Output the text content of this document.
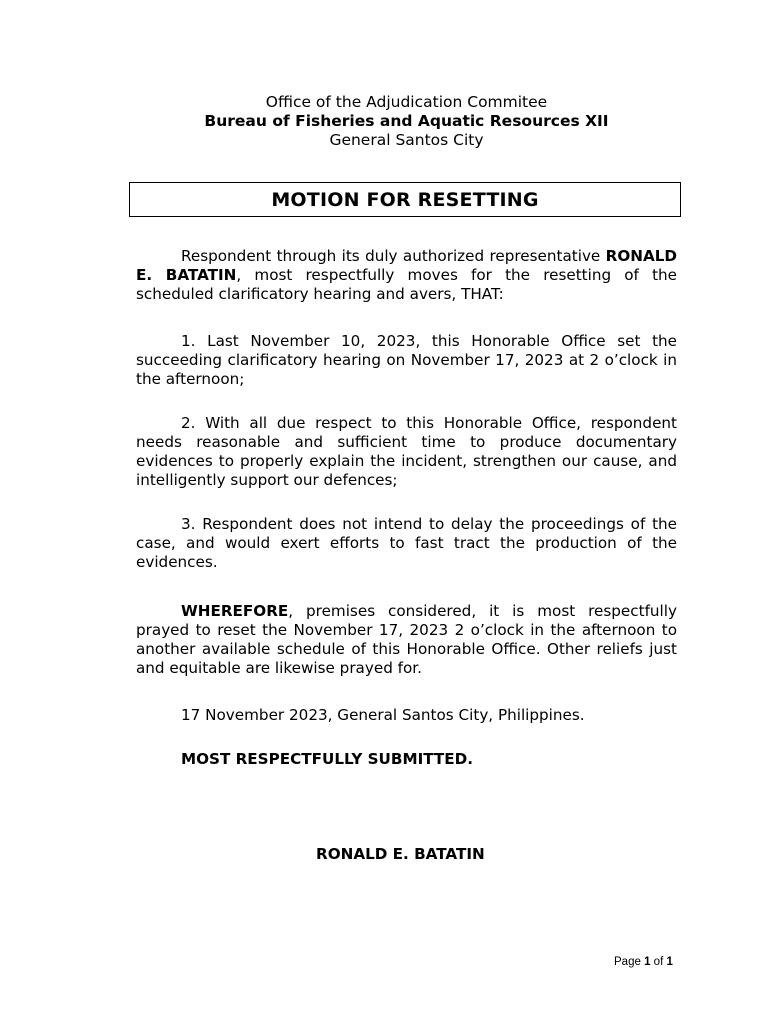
Office of the Adjudication Commitee
Bureau of Fisheries and Aquatic Resources XII
General Santos City
MOTION FOR RESETTING

Respondent through its duly authorized representative RONALD E. BATATIN, most respectfully moves for the resetting of the scheduled clarificatory hearing and avers, THAT:

1. Last November 10, 2023, this Honorable Office set the succeeding clarificatory hearing on November 17, 2023 at 2 o’clock in the afternoon;

2. With all due respect to this Honorable Office, respondent needs reasonable and sufficient time to produce documentary evidences to properly explain the incident, strengthen our cause, and intelligently support our defences;

3. Respondent does not intend to delay the proceedings of the case, and would exert efforts to fast tract the production of the evidences.

WHEREFORE, premises considered, it is most respectfully prayed to reset the November 17, 2023 2 o’clock in the afternoon to another available schedule of this Honorable Office. Other reliefs just and equitable are likewise prayed for.

17 November 2023, General Santos City, Philippines.

MOST RESPECTFULLY SUBMITTED.

RONALD E. BATATIN
Page 1 of 1
